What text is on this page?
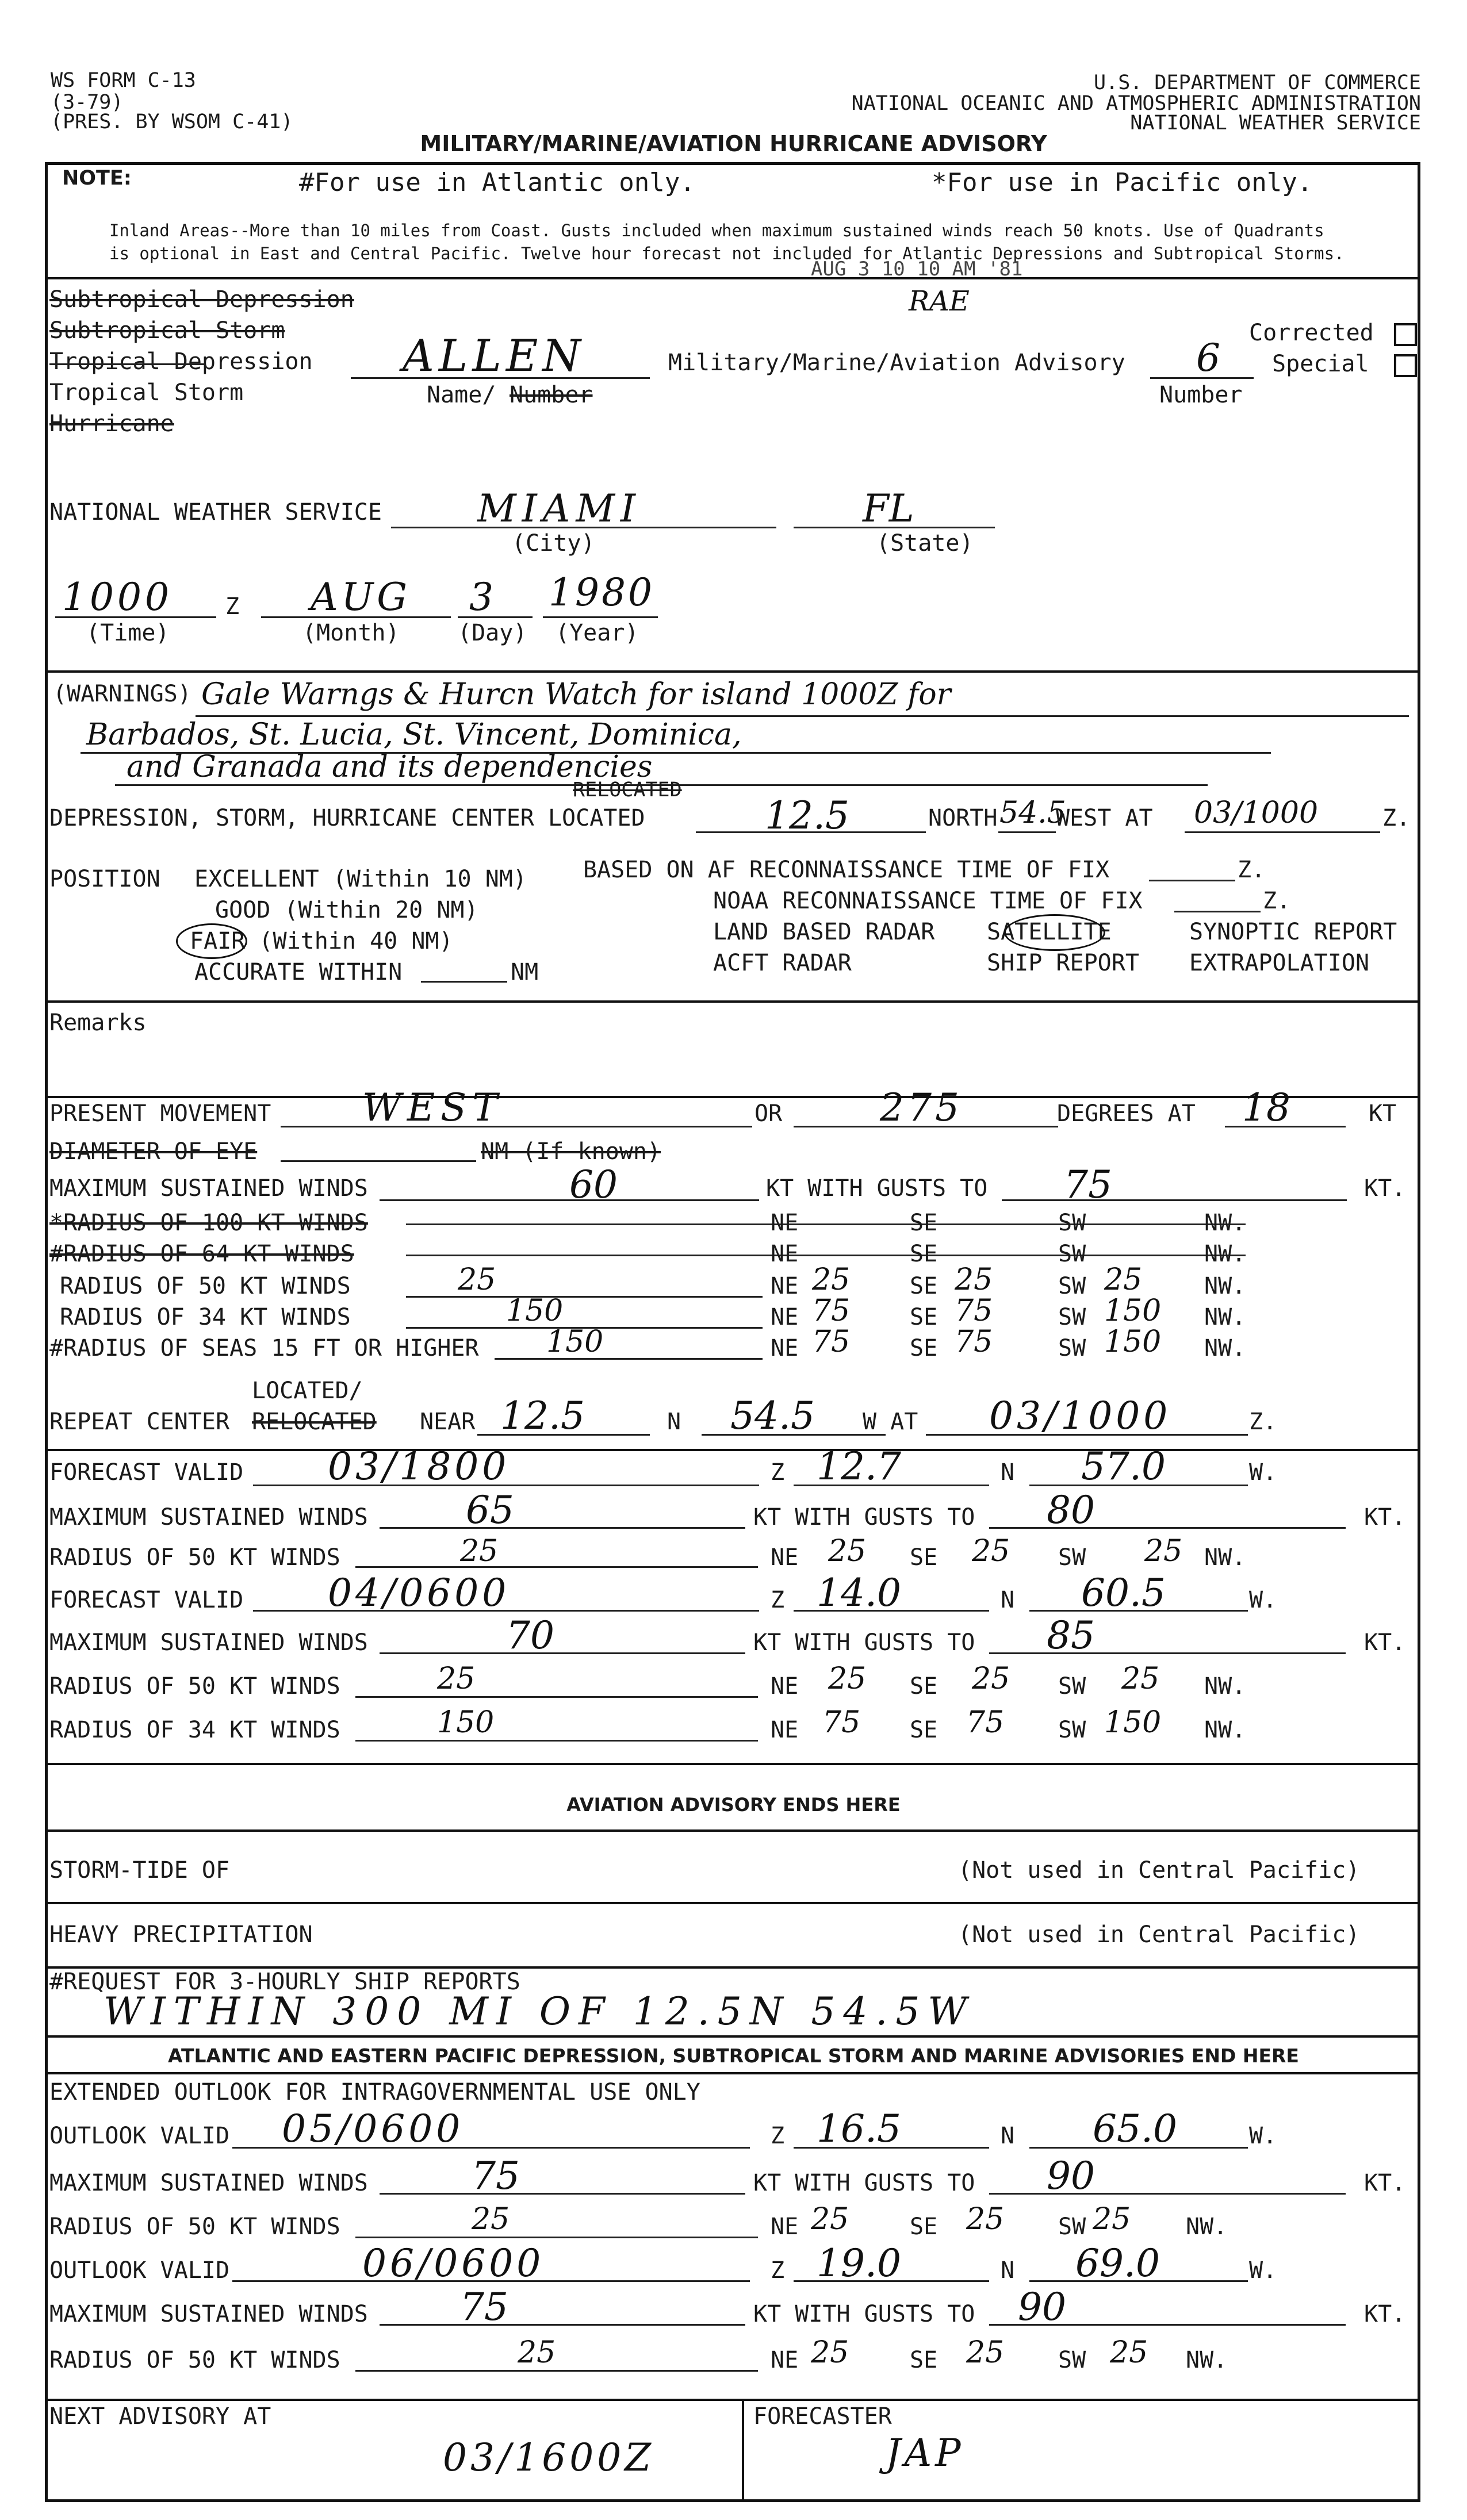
WS FORM C-13
(3-79)
(PRES. BY WSOM C-41)
U.S. DEPARTMENT OF COMMERCE
NATIONAL OCEANIC AND ATMOSPHERIC ADMINISTRATION
NATIONAL WEATHER SERVICE
MILITARY/MARINE/AVIATION HURRICANE ADVISORY
NOTE:	#For use in Atlantic only.	*For use in Pacific only.
Inland Areas--More than 10 miles from Coast. Gusts included when maximum sustained winds reach 50 knots. Use of Quadrants
is optional in East and Central Pacific. Twelve hour forecast not included for Atlantic Depressions and Subtropical Storms.
AUG 3 10 10 AM '81
Subtropical Depression
Subtropical Storm
Tropical Depression
Tropical Storm
Hurricane
ALLEN
Name/ Number
RAE
Military/Marine/Aviation Advisory 6
Number
Corrected
Special
NATIONAL WEATHER SERVICE	MIAMI	FL
(City)	(State)
1000 Z AUG 3 1980
(Time)	(Month)	(Day) (Year)
(WARNINGS) Gale Warngs & Hurcn Watch for island 1000Z for
Barbados, St. Lucia, St. Vincent, Dominica,
and Granada and its dependencies
RELOCATED
DEPRESSION, STORM, HURRICANE CENTER LOCATED	12.5	NORTH 54.5
WEST AT 03/1000	Z.
POSITION EXCELLENT (Within 10 NM)
GOOD (Within 20 NM)
FAIR (Within 40 NM)
ACCURATE WITHIN	NM
BASED ON AF RECONNAISSANCE TIME OF FIX	Z.
NOAA RECONNAISSANCE TIME OF FIX	Z.
LAND BASED RADAR SATELLITE	SYNOPTIC REPORT
ACFT RADAR	SHIP REPORT EXTRAPOLATION
Remarks
PRESENT MOVEMENT WEST	OR	275	DEGREES AT 18	KT
DIAMETER OF EYE	NM (If known)
MAXIMUM SUSTAINED WINDS	60	KT WITH GUSTS TO 75	KT.
*RADIUS OF 100 KT WINDS	NE	SE	SW	NW.
#RADIUS OF 64 KT WINDS	NE	SE	SW	NW.
RADIUS OF 50 KT WINDS	25	NE 25	SE 25	SW 25	NW.
RADIUS OF 34 KT WINDS	150	NE 75	SE 75	SW 150 NW.
#RADIUS OF SEAS 15 FT OR HIGHER 150	NE 75	SE 75	SW 150 NW.
LOCATED/
REPEAT CENTER RELOCATED NEAR 12.5	N 54.5 W AT 03/1000	Z.
FORECAST VALID 03/1800	Z 12.7	N 57.0	W.
MAXIMUM SUSTAINED WINDS	65	KT WITH GUSTS TO 80	KT.
RADIUS OF 50 KT WINDS	25	NE 25 SE 25 SW 25 NW.
FORECAST VALID 04/0600	Z 14.0	N 60.5	W.
MAXIMUM SUSTAINED WINDS	70	KT WITH GUSTS TO 85	KT.
RADIUS OF 50 KT WINDS	25	NE 25 SE 25 SW 25 NW.
RADIUS OF 34 KT WINDS	150	NE 75 SE 75 SW 150 NW.
AVIATION ADVISORY ENDS HERE
STORM-TIDE OF	(Not used in Central Pacific)
HEAVY PRECIPITATION	(Not used in Central Pacific)
#REQUEST FOR 3-HOURLY SHIP REPORTS
WITHIN 300 MI OF 12.5N 54.5W
ATLANTIC AND EASTERN PACIFIC DEPRESSION, SUBTROPICAL STORM AND MARINE ADVISORIES END HERE
EXTENDED OUTLOOK FOR INTRAGOVERNMENTAL USE ONLY
OUTLOOK VALID 05/0600	Z 16.5	N 65.0	W.
MAXIMUM SUSTAINED WINDS	75	KT WITH GUSTS TO 90	KT.
RADIUS OF 50 KT WINDS	25	NE 25	SE 25 SW 25 NW.
OUTLOOK VALID	06/0600	Z 19.0	N 69.0	W.
MAXIMUM SUSTAINED WINDS 75	KT WITH GUSTS TO 90	KT.
RADIUS OF 50 KT WINDS	25	NE 25	SE 25 SW 25 NW.
NEXT ADVISORY AT
03/1600Z
FORECASTER
JAP
